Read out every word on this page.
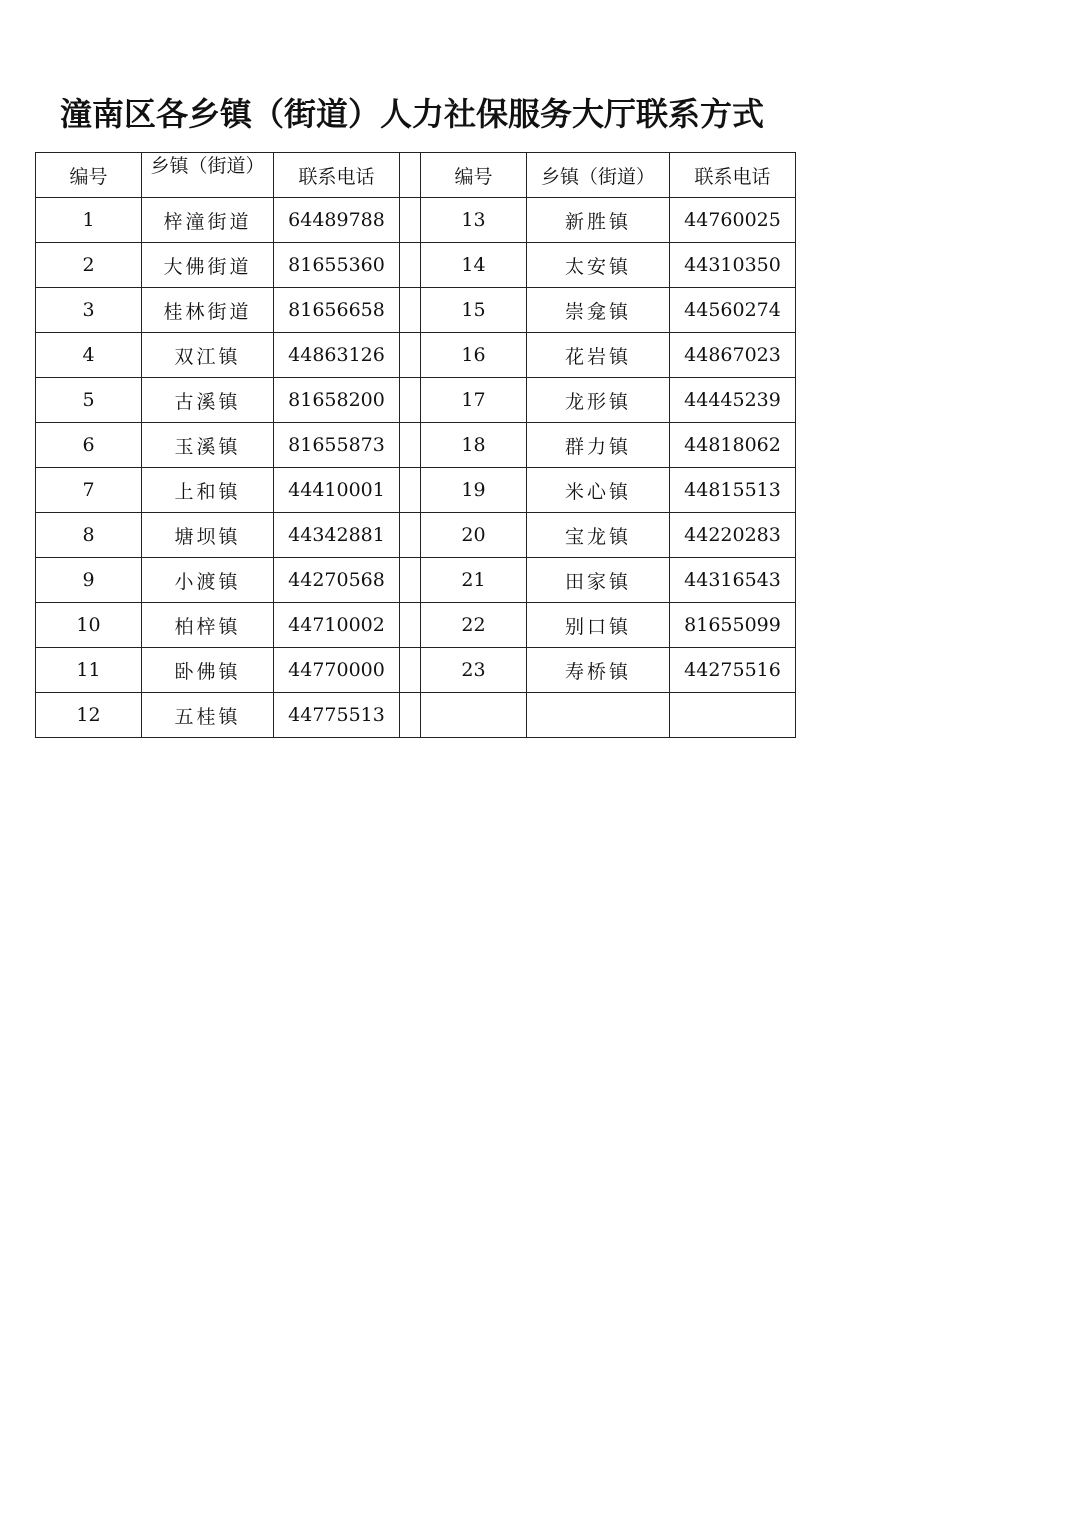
潼南区各乡镇（街道）人力社保服务大厅联系方式
编号	乡镇（街道）	联系电话		编号	乡镇（街道）	联系电话
1	梓潼街道	64489788		13	新胜镇	44760025
2	大佛街道	81655360		14	太安镇	44310350
3	桂林街道	81656658		15	崇龛镇	44560274
4	双江镇	44863126		16	花岩镇	44867023
5	古溪镇	81658200		17	龙形镇	44445239
6	玉溪镇	81655873		18	群力镇	44818062
7	上和镇	44410001		19	米心镇	44815513
8	塘坝镇	44342881		20	宝龙镇	44220283
9	小渡镇	44270568		21	田家镇	44316543
10	柏梓镇	44710002		22	别口镇	81655099
11	卧佛镇	44770000		23	寿桥镇	44275516
12	五桂镇	44775513				
